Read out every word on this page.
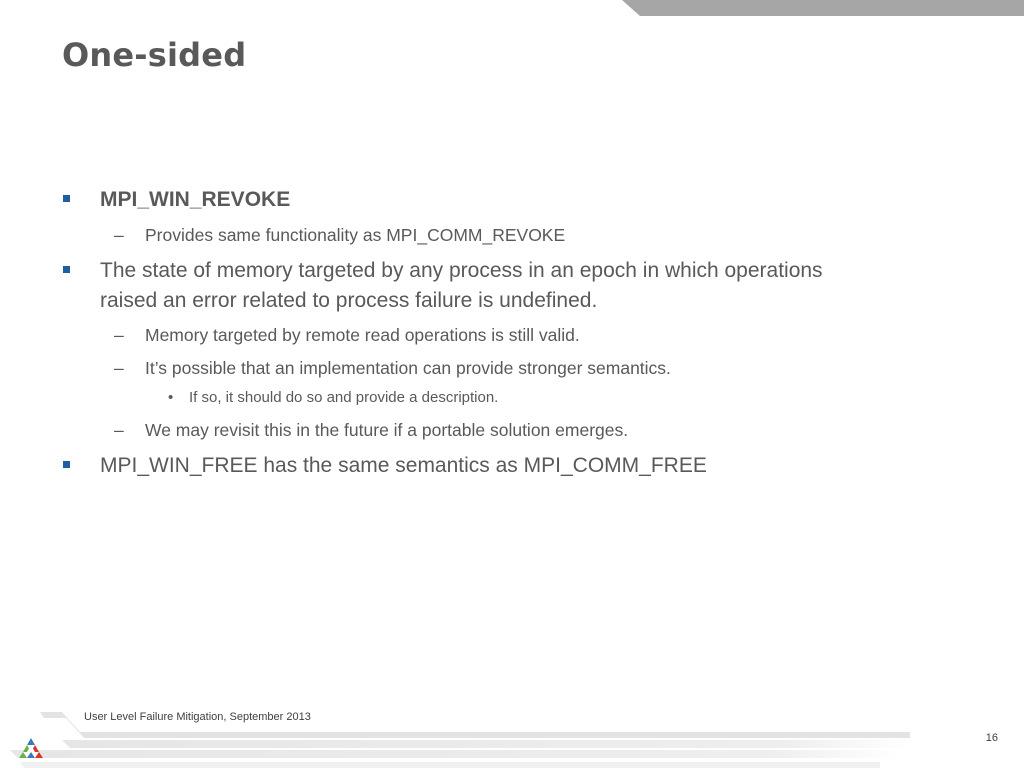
One-sided

MPI_WIN_REVOKE

– Provides same functionality as MPI_COMM_REVOKE

The state of memory targeted by any process in an epoch in which operations

raised an error related to process failure is undefined.

– Memory targeted by remote read operations is still valid.

– It’s possible that an implementation can provide stronger semantics.

• If so, it should do so and provide a description.

– We may revisit this in the future if a portable solution emerges.

MPI_WIN_FREE has the same semantics as MPI_COMM_FREE

User Level Failure Mitigation, September 2013
16
